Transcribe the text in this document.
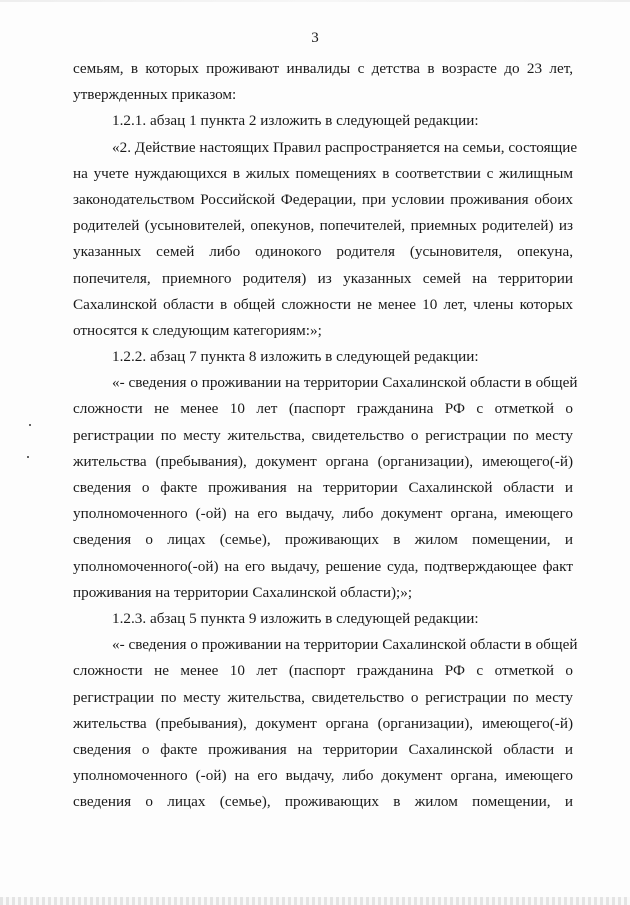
3
семьям, в которых проживают инвалиды с детства в возрасте до 23 лет,
утвержденных приказом:
1.2.1. абзац 1 пункта 2 изложить в следующей редакции:
«2. Действие настоящих Правил распространяется на семьи, состоящие
на учете нуждающихся в жилых помещениях в соответствии с жилищным
законодательством Российской Федерации, при условии проживания обоих
родителей (усыновителей, опекунов, попечителей, приемных родителей) из
указанных семей либо одинокого родителя (усыновителя, опекуна,
попечителя, приемного родителя) из указанных семей на территории
Сахалинской области в общей сложности не менее 10 лет, члены которых
относятся к следующим категориям:»;
1.2.2. абзац 7 пункта 8 изложить в следующей редакции:
«- сведения о проживании на территории Сахалинской области в общей
сложности не менее 10 лет (паспорт гражданина РФ с отметкой о
регистрации по месту жительства, свидетельство о регистрации по месту
жительства (пребывания), документ органа (организации), имеющего(-й)
сведения о факте проживания на территории Сахалинской области и
уполномоченного (-ой) на его выдачу, либо документ органа, имеющего
сведения о лицах (семье), проживающих в жилом помещении, и
уполномоченного(-ой) на его выдачу, решение суда, подтверждающее факт
проживания на территории Сахалинской области);»;
1.2.3. абзац 5 пункта 9 изложить в следующей редакции:
«- сведения о проживании на территории Сахалинской области в общей
сложности не менее 10 лет (паспорт гражданина РФ с отметкой о
регистрации по месту жительства, свидетельство о регистрации по месту
жительства (пребывания), документ органа (организации), имеющего(-й)
сведения о факте проживания на территории Сахалинской области и
уполномоченного (-ой) на его выдачу, либо документ органа, имеющего
сведения о лицах (семье), проживающих в жилом помещении, и
